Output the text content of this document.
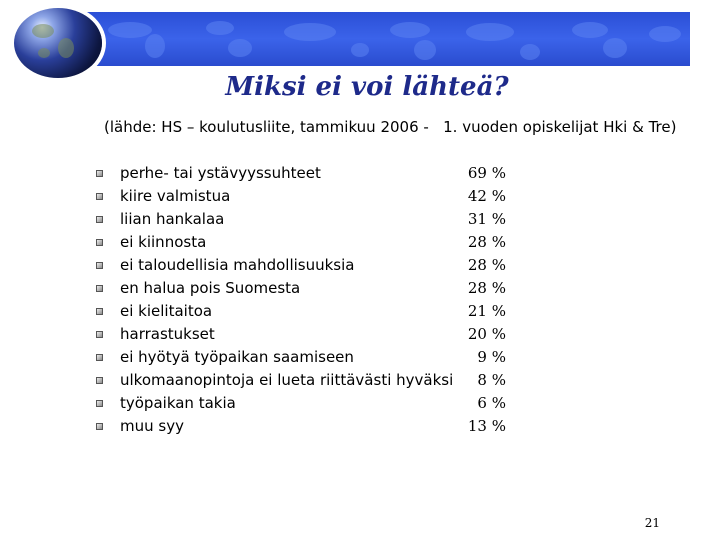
Miksi ei voi lähteä?
(lähde: HS – koulutusliite, tammikuu 2006 - 1. vuoden opiskelijat Hki & Tre)
perhe- tai ystävyyssuhteet	69 %
kiire valmistua	42 %
liian hankalaa	31 %
ei kiinnosta	28 %
ei taloudellisia mahdollisuuksia	28 %
en halua pois Suomesta	28 %
ei kielitaitoa	21 %
harrastukset	20 %
ei hyötyä työpaikan saamiseen	9 %
ulkomaanopintoja ei lueta riittävästi hyväksi	8 %
työpaikan takia	6 %
muu syy	13 %
21
